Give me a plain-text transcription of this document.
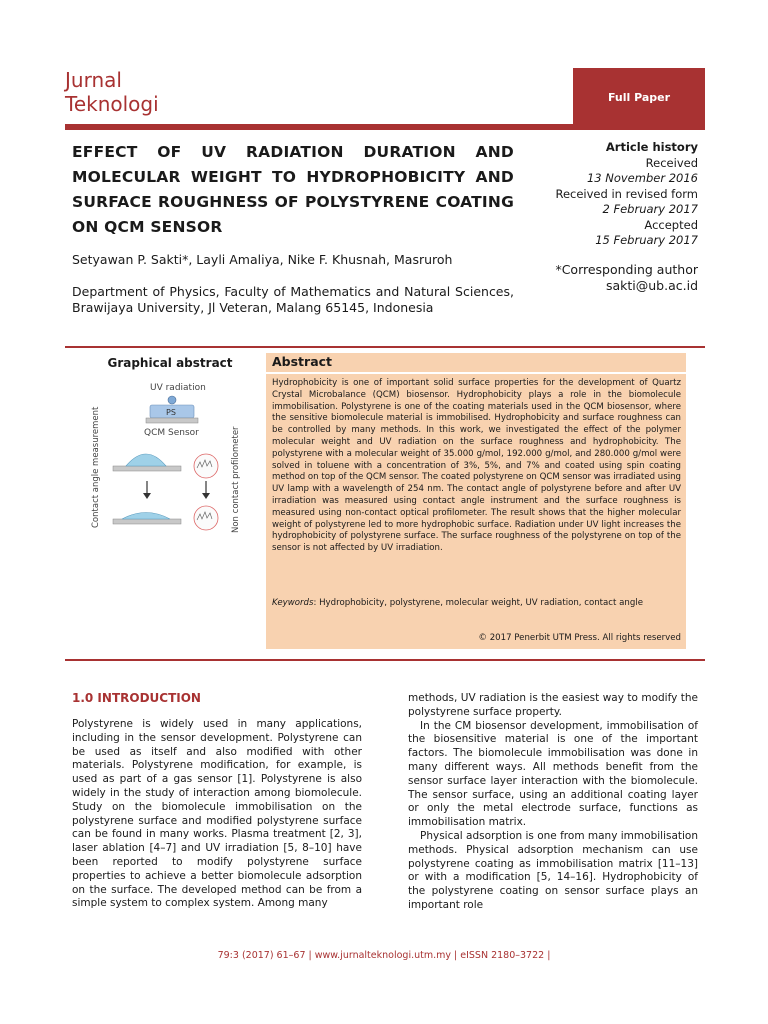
Jurnal
Teknologi	Full Paper
EFFECT OF UV RADIATION DURATION AND MOLECULAR WEIGHT TO HYDROPHOBICITY AND SURFACE ROUGHNESS OF POLYSTYRENE COATING ON QCM SENSOR
Setyawan P. Sakti*, Layli Amaliya, Nike F. Khusnah, Masruroh
Department of Physics, Faculty of Mathematics and Natural Sciences, Brawijaya University, Jl Veteran, Malang 65145, Indonesia
Article history
Received
13 November 2016
Received in revised form
2 February 2017
Accepted
15 February 2017
*Corresponding author
sakti@ub.ac.id
Graphical abstract
UV radiation
PS
QCM Sensor
Contact angle measurement	Non contact profilometer
Abstract
Hydrophobicity is one of important solid surface properties for the development of Quartz Crystal Microbalance (QCM) biosensor. Hydrophobicity plays a role in the biomolecule immobilisation. Polystyrene is one of the coating materials used in the QCM biosensor, where the sensitive biomolecule material is immobilised. Hydrophobicity and surface roughness can be controlled by many methods. In this work, we investigated the effect of the polymer molecular weight and UV radiation on the surface roughness and hydrophobicity. The polystyrene with a molecular weight of 35.000 g/mol, 192.000 g/mol, and 280.000 g/mol were solved in toluene with a concentration of 3%, 5%, and 7% and coated using spin coating method on top of the QCM sensor. The coated polystyrene on QCM sensor was irradiated using UV lamp with a wavelength of 254 nm. The contact angle of polystyrene before and after UV irradiation was measured using contact angle instrument and the surface roughness is measured using non-contact optical profilometer. The result shows that the higher molecular weight of polystyrene led to more hydrophobic surface. Radiation under UV light increases the hydrophobicity of polystyrene surface. The surface roughness of the polystyrene on top of the sensor is not affected by UV irradiation.
Keywords: Hydrophobicity, polystyrene, molecular weight, UV radiation, contact angle
© 2017 Penerbit UTM Press. All rights reserved
1.0 INTRODUCTION

Polystyrene is widely used in many applications, including in the sensor development. Polystyrene can be used as itself and also modified with other materials. Polystyrene modification, for example, is used as part of a gas sensor [1]. Polystyrene is also widely in the study of interaction among biomolecule. Study on the biomolecule immobilisation on the polystyrene surface and modified polystyrene surface can be found in many works. Plasma treatment [2, 3], laser ablation [4–7] and UV irradiation [5, 8–10] have been reported to modify polystyrene surface properties to achieve a better biomolecule adsorption on the surface. The developed method can be from a simple system to complex system. Among many

methods, UV radiation is the easiest way to modify the polystyrene surface property.

In the CM biosensor development, immobilisation of the biosensitive material is one of the important factors. The biomolecule immobilisation was done in many different ways. All methods benefit from the sensor surface layer interaction with the biomolecule. The sensor surface, using an additional coating layer or only the metal electrode surface, functions as immobilisation matrix.

Physical adsorption is one from many immobilisation methods. Physical adsorption mechanism can use polystyrene coating as immobilisation matrix [11–13] or with a modification [5, 14–16]. Hydrophobicity of the polystyrene coating on sensor surface plays an important role

79:3 (2017) 61–67 | www.jurnalteknologi.utm.my | eISSN 2180–3722 |
